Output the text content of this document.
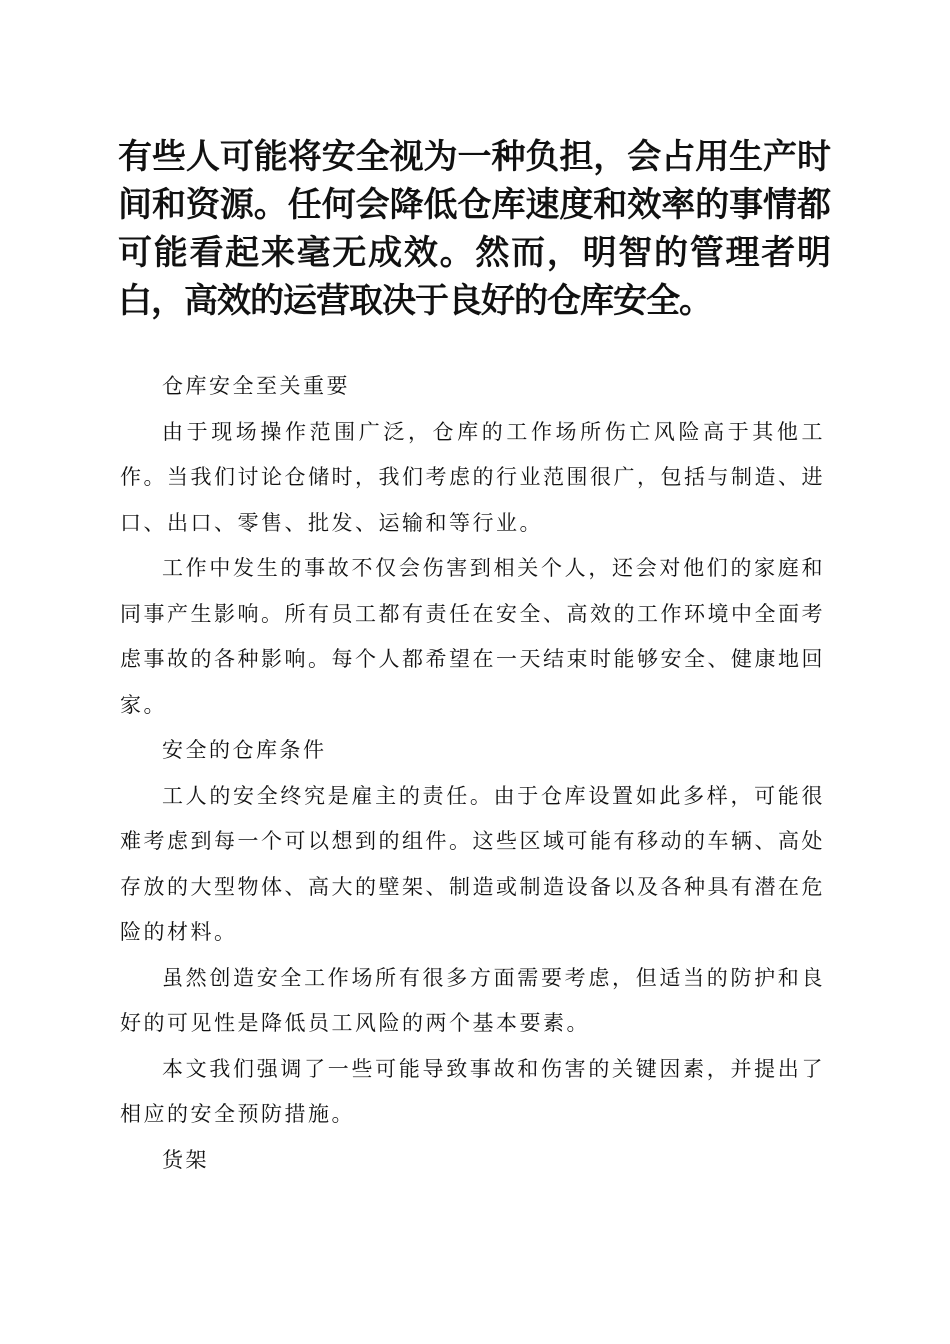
有些人可能将安全视为一种负担，会占用生产时间和资源。任何会降低仓库速度和效率的事情都可能看起来毫无成效。然而，明智的管理者明白，高效的运营取决于良好的仓库安全。

仓库安全至关重要

由于现场操作范围广泛，仓库的工作场所伤亡风险高于其他工作。当我们讨论仓储时，我们考虑的行业范围很广，包括与制造、进口、出口、零售、批发、运输和等行业。

工作中发生的事故不仅会伤害到相关个人，还会对他们的家庭和同事产生影响。所有员工都有责任在安全、高效的工作环境中全面考虑事故的各种影响。每个人都希望在一天结束时能够安全、健康地回家。

安全的仓库条件

工人的安全终究是雇主的责任。由于仓库设置如此多样，可能很难考虑到每一个可以想到的组件。这些区域可能有移动的车辆、高处存放的大型物体、高大的壁架、制造或制造设备以及各种具有潜在危险的材料。

虽然创造安全工作场所有很多方面需要考虑，但适当的防护和良好的可见性是降低员工风险的两个基本要素。

本文我们强调了一些可能导致事故和伤害的关键因素，并提出了相应的安全预防措施。

货架
